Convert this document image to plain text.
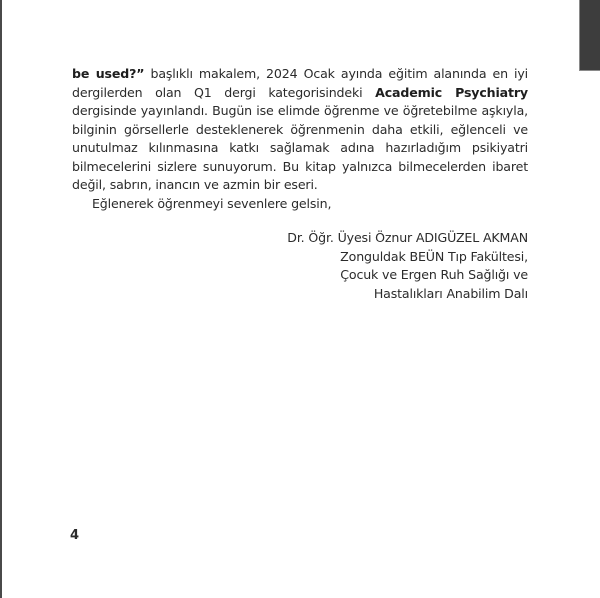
be used?” başlıklı makalem, 2024 Ocak ayında eğitim alanında en iyi dergilerden olan Q1 dergi kategorisindeki Academic Psychiatry dergisinde yayınlandı. Bugün ise elimde öğrenme ve öğretebilme aşkıyla, bilginin görsellerle desteklenerek öğrenmenin daha etkili, eğlenceli ve unutulmaz kılınmasına katkı sağlamak adına hazırladığım psikiyatri bilmecelerini sizlere sunuyorum. Bu kitap yalnızca bilmecelerden ibaret değil, sabrın, inancın ve azmin bir eseri.

Eğlenerek öğrenmeyi sevenlere gelsin,

Dr. Öğr. Üyesi Öznur ADIGÜZEL AKMAN
Zonguldak BEÜN Tıp Fakültesi,
Çocuk ve Ergen Ruh Sağlığı ve
Hastalıkları Anabilim Dalı
4
